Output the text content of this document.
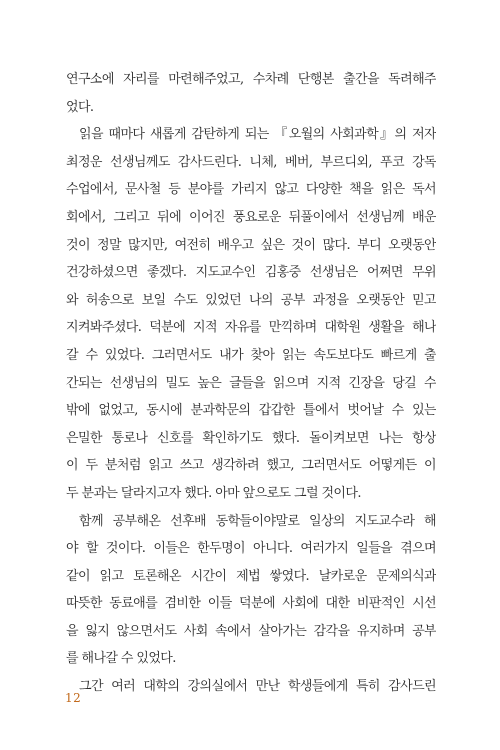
연구소에 자리를 마련해주었고, 수차례 단행본 출간을 독려해주
었다.
읽을 때마다 새롭게 감탄하게 되는 『오월의 사회과학』의 저자
최정운 선생님께도 감사드린다. 니체, 베버, 부르디외, 푸코 강독
수업에서, 문사철 등 분야를 가리지 않고 다양한 책을 읽은 독서
회에서, 그리고 뒤에 이어진 풍요로운 뒤풀이에서 선생님께 배운
것이 정말 많지만, 여전히 배우고 싶은 것이 많다. 부디 오랫동안
건강하셨으면 좋겠다. 지도교수인 김홍중 선생님은 어쩌면 무위
와 허송으로 보일 수도 있었던 나의 공부 과정을 오랫동안 믿고
지켜봐주셨다. 덕분에 지적 자유를 만끽하며 대학원 생활을 해나
갈 수 있었다. 그러면서도 내가 찾아 읽는 속도보다도 빠르게 출
간되는 선생님의 밀도 높은 글들을 읽으며 지적 긴장을 당길 수
밖에 없었고, 동시에 분과학문의 갑갑한 틀에서 벗어날 수 있는
은밀한 통로나 신호를 확인하기도 했다. 돌이켜보면 나는 항상
이 두 분처럼 읽고 쓰고 생각하려 했고, 그러면서도 어떻게든 이
두 분과는 달라지고자 했다. 아마 앞으로도 그럴 것이다.
함께 공부해온 선후배 동학들이야말로 일상의 지도교수라 해
야 할 것이다. 이들은 한두명이 아니다. 여러가지 일들을 겪으며
같이 읽고 토론해온 시간이 제법 쌓였다. 날카로운 문제의식과
따뜻한 동료애를 겸비한 이들 덕분에 사회에 대한 비판적인 시선
을 잃지 않으면서도 사회 속에서 살아가는 감각을 유지하며 공부
를 해나갈 수 있었다.
그간 여러 대학의 강의실에서 만난 학생들에게 특히 감사드린
12
